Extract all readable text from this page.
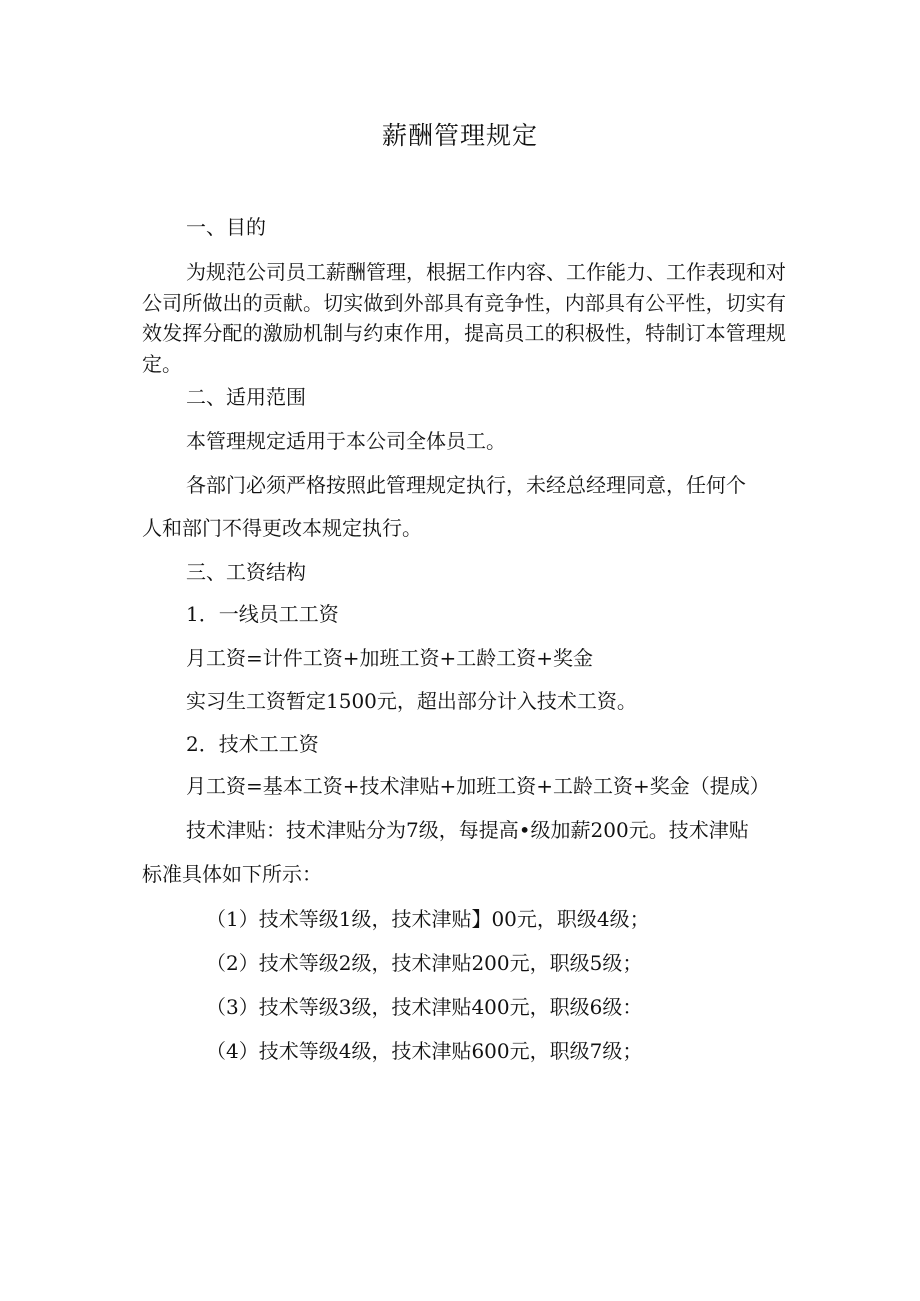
薪酬管理规定
一、目的
为规范公司员工薪酬管理，根据工作内容、工作能力、工作表现和对公司所做出的贡献。切实做到外部具有竞争性，内部具有公平性，切实有效发挥分配的激励机制与约束作用，提高员工的积极性，特制订本管理规定。
二、适用范围
本管理规定适用于本公司全体员工。
各部门必须严格按照此管理规定执行，未经总经理同意，任何个
人和部门不得更改本规定执行。
三、工资结构
1．一线员工工资
月工资=计件工资+加班工资+工龄工资+奖金
实习生工资暂定1500元，超出部分计入技术工资。
2．技术工工资
月工资=基本工资+技术津贴+加班工资+工龄工资+奖金（提成）
技术津贴：技术津贴分为7级，每提高•级加薪200元。技术津贴
标准具体如下所示：
（1）技术等级1级，技术津贴】00元，职级4级；
（2）技术等级2级，技术津贴200元，职级5级；
（3）技术等级3级，技术津贴400元，职级6级：
（4）技术等级4级，技术津贴600元，职级7级；
